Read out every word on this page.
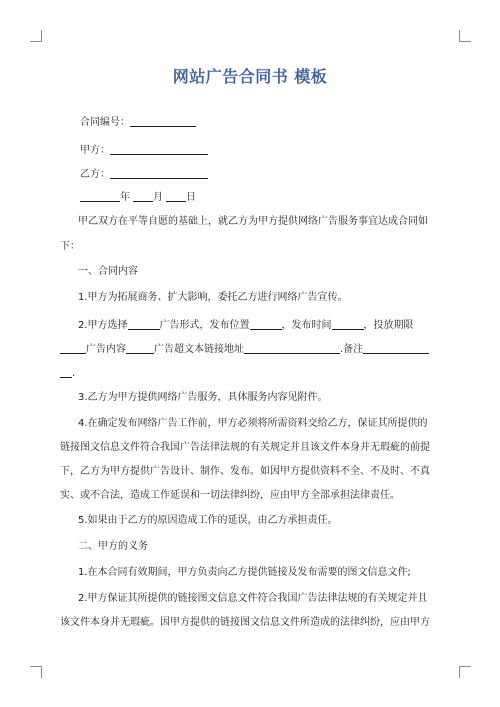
网站广告合同书 模板
合同编号：
甲方：
乙方：
年 月 日
甲乙双方在平等自愿的基础上，就乙方为甲方提供网络广告服务事宜达成合同如
下：
一、合同内容
1.甲方为拓展商务、扩大影响，委托乙方进行网络广告宣传。
2.甲方选择	广告形式，发布位置	，发布时间	，投放期限
广告内容	广告超文本链接地址	.备注
.
3.乙方为甲方提供网络广告服务，具体服务内容见附件。
4.在确定发布网络广告工作前，甲方必须将所需资料交给乙方，保证其所提供的
链接图文信息文件符合我国广告法律法规的有关规定并且该文件本身并无瑕疵的前提
下，乙方为甲方提供广告设计、制作、发布。如因甲方提供资料不全、不及时、不真
实、或不合法，造成工作延误和一切法律纠纷，应由甲方全部承担法律责任。
5.如果由于乙方的原因造成工作的延误，由乙方承担责任。
二、甲方的义务
1.在本合同有效期间，甲方负责向乙方提供链接及发布需要的图文信息文件;
2.甲方保证其所提供的链接图文信息文件符合我国广告法律法规的有关规定并且
该文件本身并无瑕疵。因甲方提供的链接图文信息文件所造成的法律纠纷，应由甲方
